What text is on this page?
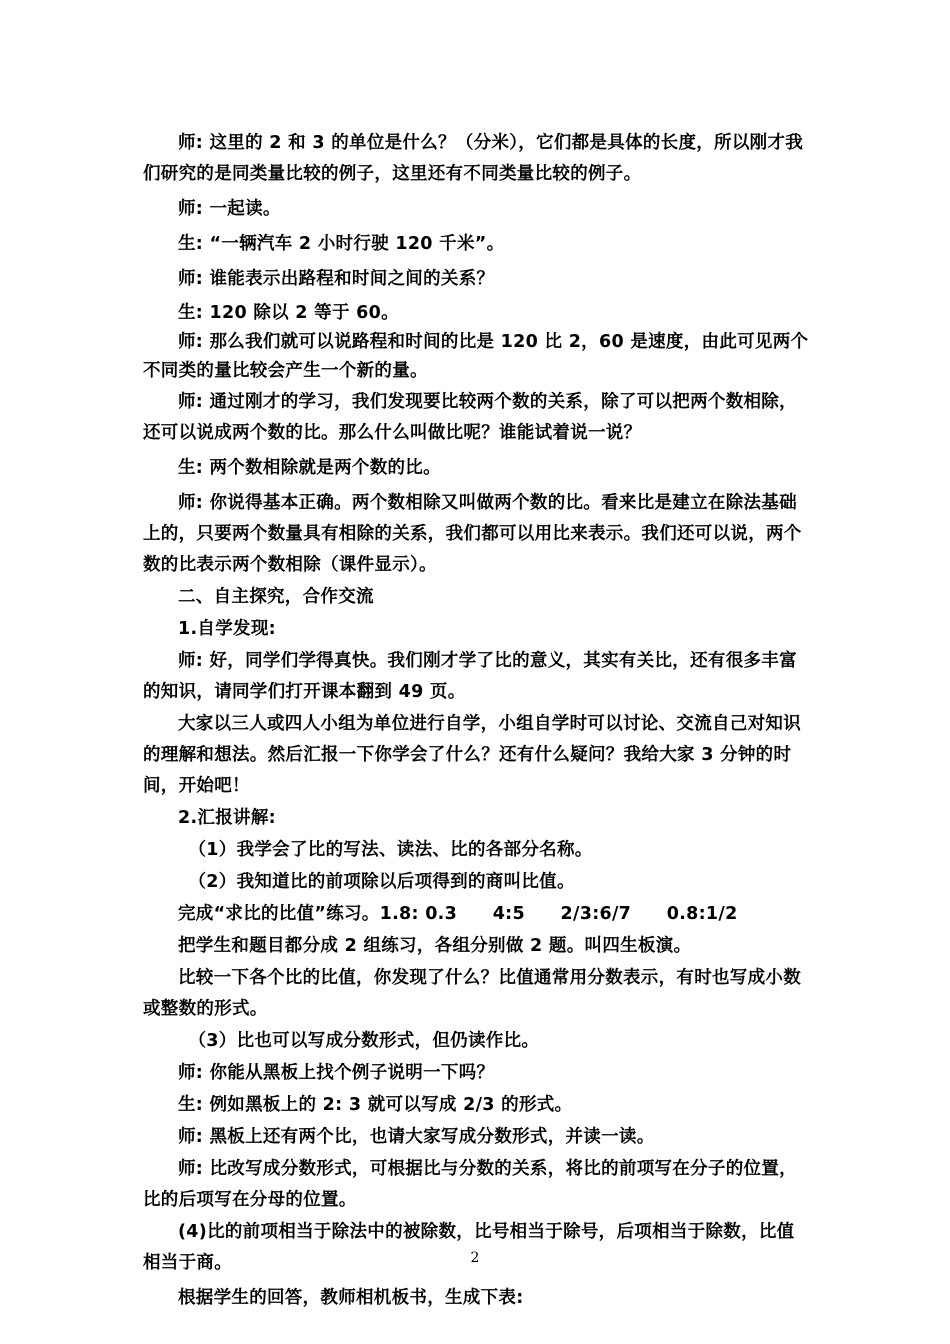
师: 这里的 2 和 3 的单位是什么？（分米），它们都是具体的长度，所以刚才我们研究的是同类量比较的例子，这里还有不同类量比较的例子。

师: 一起读。

生: “一辆汽车 2 小时行驶 120 千米”。

师: 谁能表示出路程和时间之间的关系？

生: 120 除以 2 等于 60。

师: 那么我们就可以说路程和时间的比是 120 比 2，60 是速度，由此可见两个不同类的量比较会产生一个新的量。

师: 通过刚才的学习，我们发现要比较两个数的关系，除了可以把两个数相除，还可以说成两个数的比。那么什么叫做比呢？谁能试着说一说？

生: 两个数相除就是两个数的比。

师: 你说得基本正确。两个数相除又叫做两个数的比。看来比是建立在除法基础上的，只要两个数量具有相除的关系，我们都可以用比来表示。我们还可以说，两个数的比表示两个数相除（课件显示）。

二、自主探究，合作交流

1.自学发现:

师: 好，同学们学得真快。我们刚才学了比的意义，其实有关比，还有很多丰富的知识，请同学们打开课本翻到 49 页。

大家以三人或四人小组为单位进行自学，小组自学时可以讨论、交流自己对知识的理解和想法。然后汇报一下你学会了什么？还有什么疑问？我给大家 3 分钟的时间，开始吧！

2.汇报讲解:

（1）我学会了比的写法、读法、比的各部分名称。

（2）我知道比的前项除以后项得到的商叫比值。

完成“求比的比值”练习。1.8: 0.3　　4:5　　2/3:6/7　　0.8:1/2

把学生和题目都分成 2 组练习，各组分别做 2 题。叫四生板演。

比较一下各个比的比值，你发现了什么？比值通常用分数表示，有时也写成小数或整数的形式。

（3）比也可以写成分数形式，但仍读作比。

师: 你能从黑板上找个例子说明一下吗？

生: 例如黑板上的 2: 3 就可以写成 2/3 的形式。

师: 黑板上还有两个比，也请大家写成分数形式，并读一读。

师: 比改写成分数形式，可根据比与分数的关系，将比的前项写在分子的位置，比的后项写在分母的位置。

(4)比的前项相当于除法中的被除数，比号相当于除号，后项相当于除数，比值相当于商。

根据学生的回答，教师相机板书，生成下表:

2
